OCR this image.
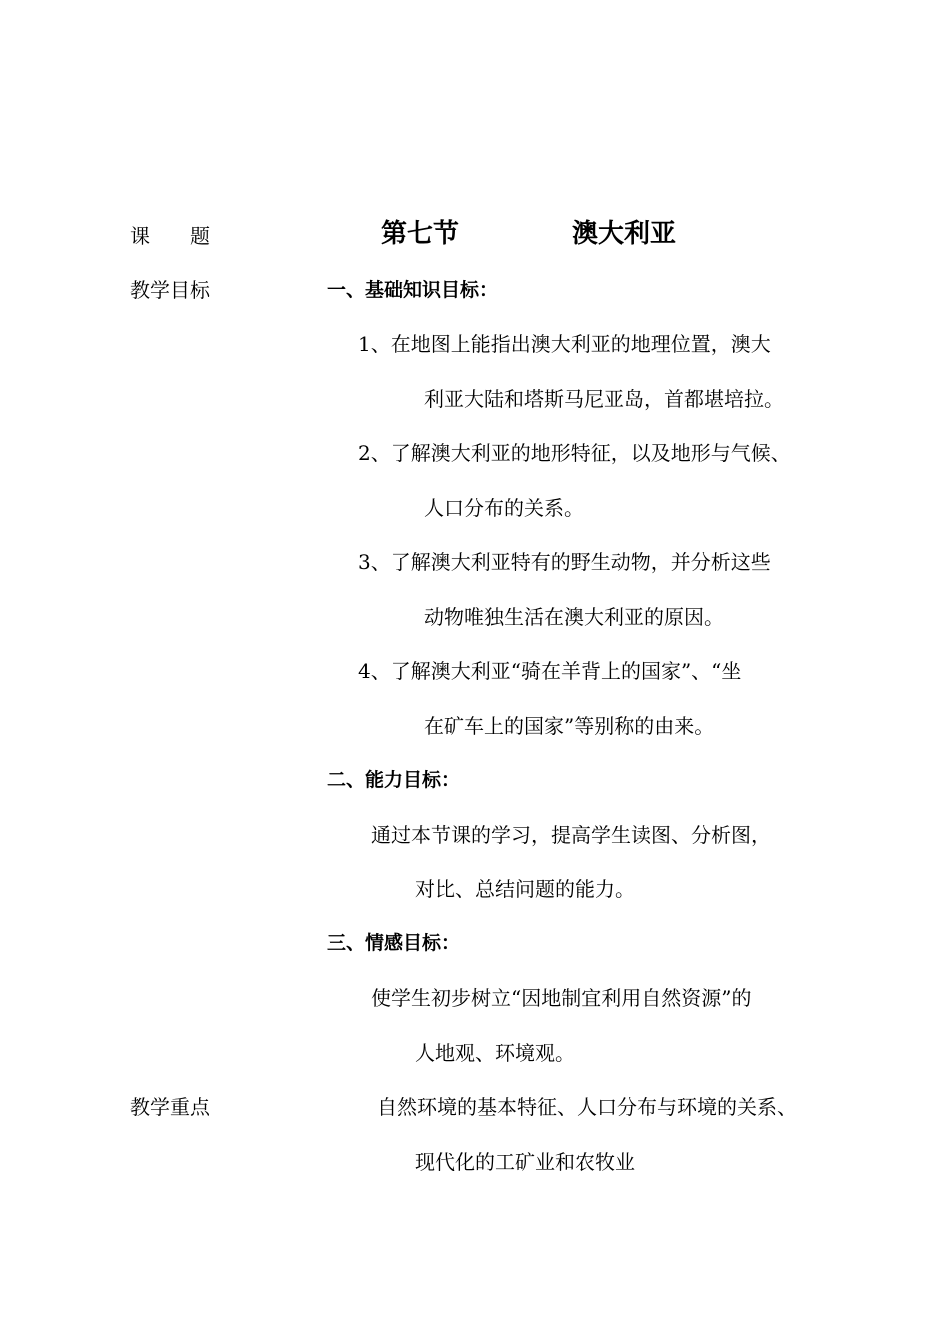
课　　题	第七节	澳大利亚
教学目标	一、基础知识目标：
1、在地图上能指出澳大利亚的地理位置，澳大
利亚大陆和塔斯马尼亚岛，首都堪培拉。
2、了解澳大利亚的地形特征，以及地形与气候、
人口分布的关系。
3、了解澳大利亚特有的野生动物，并分析这些
动物唯独生活在澳大利亚的原因。
4、了解澳大利亚“骑在羊背上的国家”、“坐
在矿车上的国家”等别称的由来。
二、能力目标：
通过本节课的学习，提高学生读图、分析图，
对比、总结问题的能力。
三、情感目标：
使学生初步树立“因地制宜利用自然资源”的
人地观、环境观。
教学重点	自然环境的基本特征、人口分布与环境的关系、
现代化的工矿业和农牧业
